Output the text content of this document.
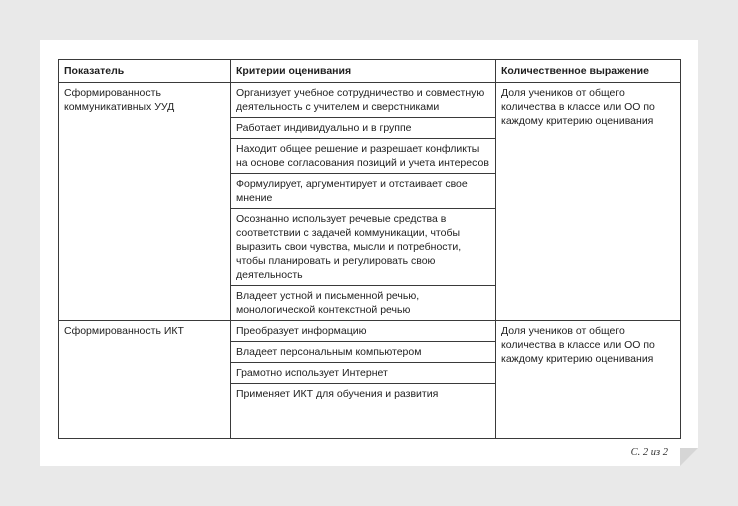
Показатель	Критерии оценивания	Количественное выражение
Сформированность коммуникативных УУД	Организует учебное сотрудничество и совместную деятельность с учителем и сверстниками	Доля учеников от общего количества в классе или ОО по каждому критерию оценивания
	Работает индивидуально и в группе	
	Находит общее решение и разрешает конфликты на основе согласования позиций и учета интересов	
	Формулирует, аргументирует и отстаивает свое мнение	
	Осознанно использует речевые средства в соответствии с задачей коммуникации, чтобы выразить свои чувства, мысли и потребности, чтобы планировать и регулировать свою деятельность	
	Владеет устной и письменной речью, монологической контекстной речью	
Сформированность ИКТ	Преобразует информацию	Доля учеников от общего количества в классе или ОО по каждому критерию оценивания
	Владеет персональным компьютером	
	Грамотно использует Интернет	
	Применяет ИКТ для обучения и развития	
С. 2 из 2
